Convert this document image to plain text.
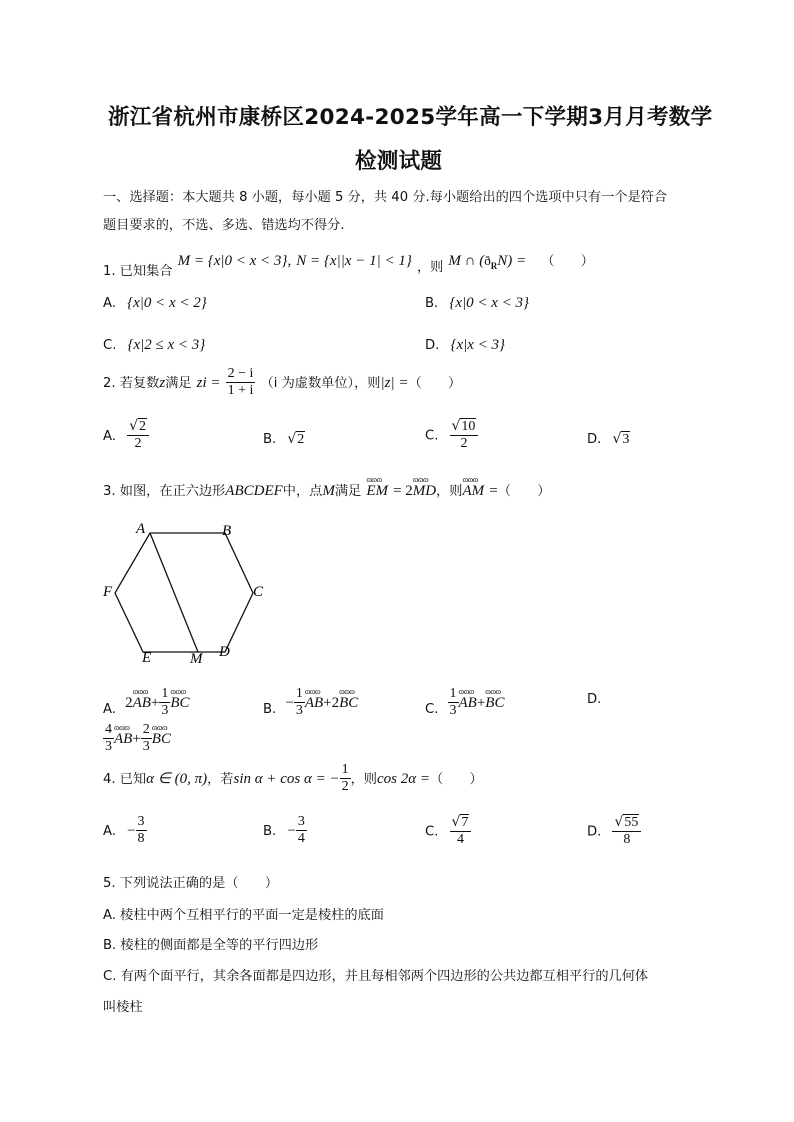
浙江省杭州市康桥区2024-2025学年高一下学期3月月考数学
检测试题
一、选择题：本大题共 8 小题，每小题 5 分，共 40 分.每小题给出的四个选项中只有一个是符合
题目要求的，不选、多选、错选均不得分.
$_{1. 已知集合}$ M = {x|0 < x < 3}, N = {x||x − 1| < 1} $_{,则}$ M ∩ $(ð_RN)$ = （　　）
A. {x|0 < x < 2}	B. {x|0 < x < 3}
C. {x|2 ≤ x < 3}	D. {x|x < 3}
2. 若复数z满足 zi = $\frac{2 - i}{1 + i} (i$ 为虚数单位），则|z| =（　　）
A. $\frac{√2}{2}$	B. √2	C. $\frac{√10}{2}$	D. √3
3. 如图，在正六边形ABCDEF中，点M满足
ɷɷɷ
EM = 2
ɷɷɷ
MD，则
ɷɷɷ
AM =（　　）
A	B
C
D
E
F
M
$_{A.}$ 2
ɷɷɷ
$AB+ \frac{1}{3}$ ɷɷɷ
BC	$_{B.} - \frac{1}{3}$ ɷɷɷ
AB+2
ɷɷɷ
BC	$_{C.} \frac{1}{3}$ ɷɷɷ
AB+
ɷɷɷ
BC	D.
$\frac{4}{3}$ ɷɷɷ
$AB+ \frac{2}{3}$ ɷɷɷ
BC
4. 已知α ∈ (0, π)，若sin α + cos α = − $\frac{1}{2}$ ，则cos 2α =（　　）
A. − $\frac{3}{8}$	B. − $\frac{3}{4}$	C. $\frac{√7}{4}$	D. $\frac{√55}{8}$
5. 下列说法正确的是（　　）
A. 棱柱中两个互相平行的平面一定是棱柱的底面
B. 棱柱的侧面都是全等的平行四边形
C. 有两个面平行，其余各面都是四边形，并且每相邻两个四边形的公共边都互相平行的几何体
叫棱柱
